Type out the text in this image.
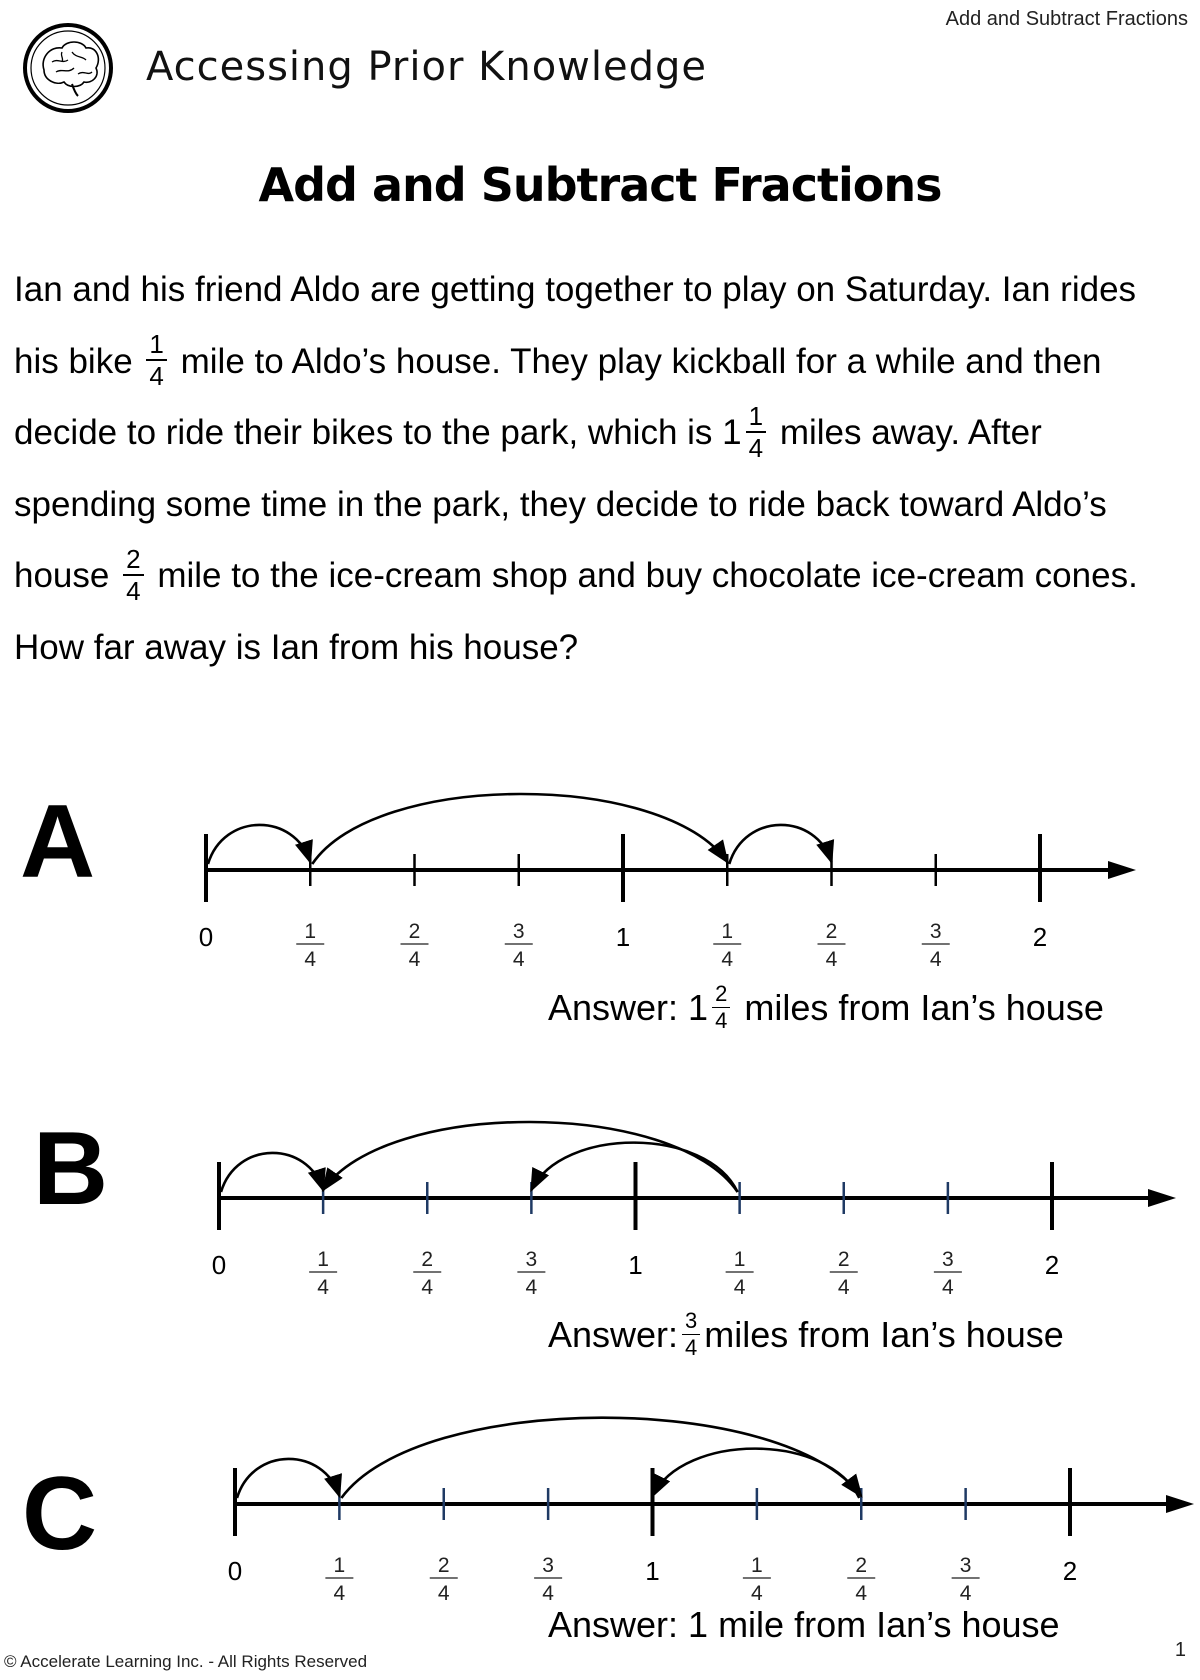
Add and Subtract Fractions
Accessing Prior Knowledge
Add and Subtract Fractions

Ian and his friend Aldo are getting together to play on Saturday. Ian rides his bike $\frac{1}{4}$ mile to Aldo’s house. They play kickball for a while and then decide to ride their bikes to the park, which is $1 \frac{1}{4}$ miles away. After spending some time in the park, they decide to ride back toward Aldo’s house $\frac{2}{4}$ mile to the ice-cream shop and buy chocolate ice-cream cones. How far away is Ian from his house?

A
0	1
4
2
4
3
4
1	1
4
2
4
3
4
2
Answer: $1 \frac{2}{4}$ miles from Ian’s house
B
0	1
4
2
4
3
4
1	1
4
2
4
3
4
2
Answer: $\frac{3}{4}$ miles from Ian’s house
C	0	1
4
2
4
3
4
1	1
4
2
4
3
4
2
Answer: 1 mile from Ian’s house
© Accelerate Learning Inc. - All Rights Reserved
1
